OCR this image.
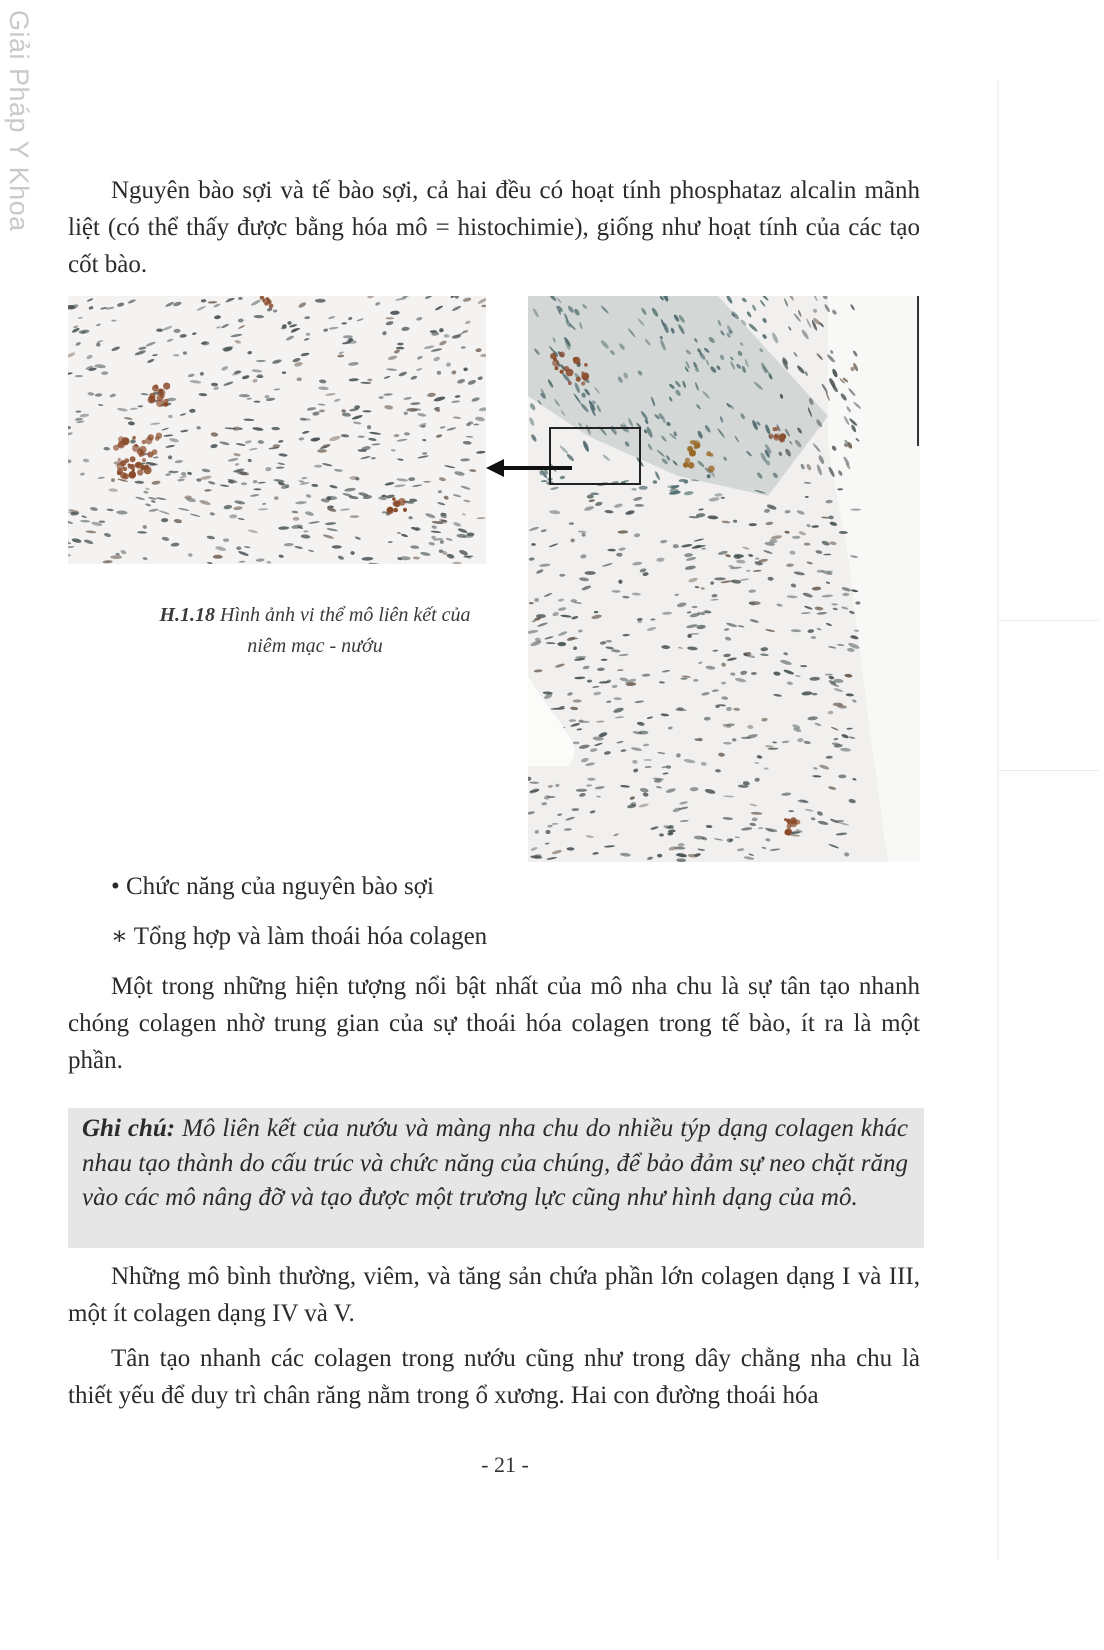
Giải Pháp Y Khoa	Nguyên bào sợi và tế bào sợi, cả hai đều có hoạt tính phosphataz alcalin mãnh liệt (có thể thấy được bằng hóa mô = histochimie), giống như hoạt tính của các tạo cốt bào.

H.1.18 Hình ảnh vi thể mô liên kết của
niêm mạc - nướu

• Chức năng của nguyên bào sợi

∗ Tổng hợp và làm thoái hóa colagen

Một trong những hiện tượng nổi bật nhất của mô nha chu là sự tân tạo nhanh chóng colagen nhờ trung gian của sự thoái hóa colagen trong tế bào, ít ra là một phần.

Ghi chú: Mô liên kết của nướu và màng nha chu do nhiều týp dạng colagen khác nhau tạo thành do cấu trúc và chức năng của chúng, để bảo đảm sự neo chặt răng vào các mô nâng đỡ và tạo được một trương lực cũng như hình dạng của mô.

Những mô bình thường, viêm, và tăng sản chứa phần lớn colagen dạng I và III, một ít colagen dạng IV và V.

Tân tạo nhanh các colagen trong nướu cũng như trong dây chằng nha chu là thiết yếu để duy trì chân răng nằm trong ổ xương. Hai con đường thoái hóa

- 21 -
